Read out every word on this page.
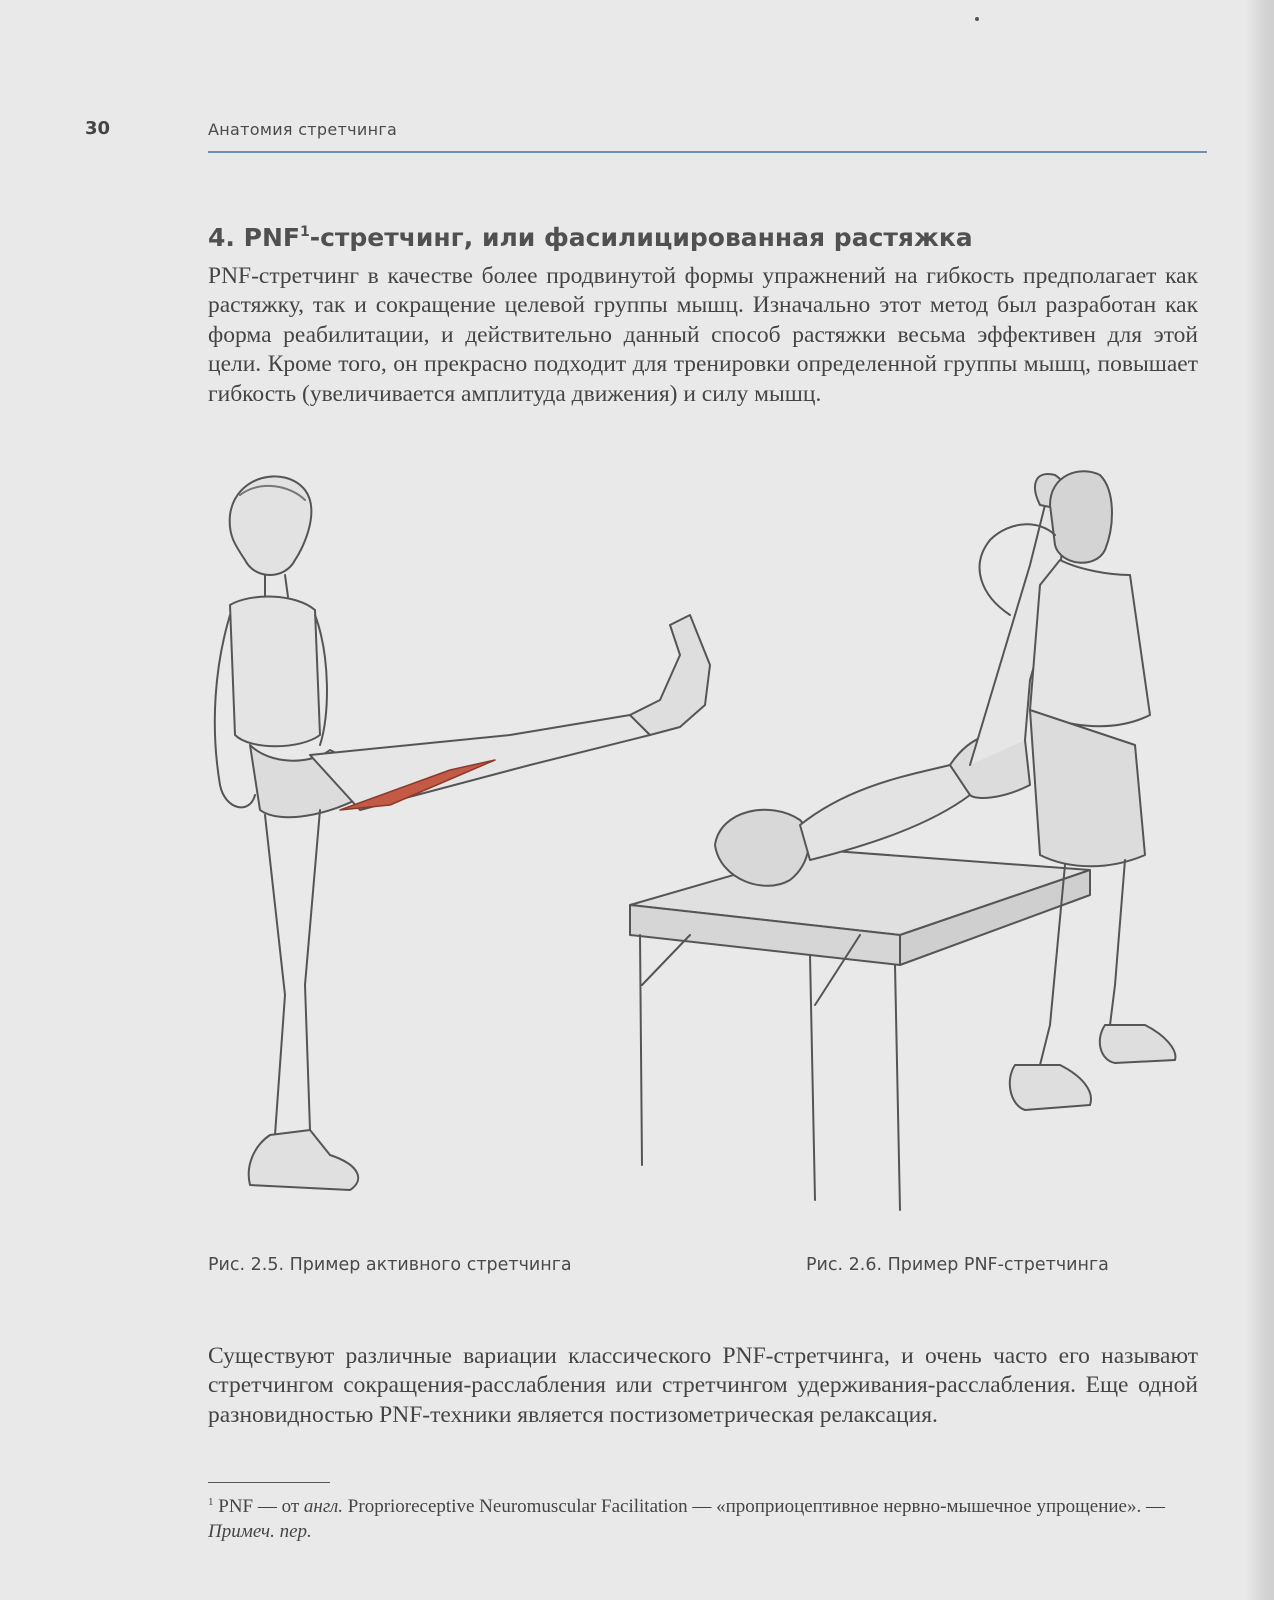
30	Анатомия стретчинга
4. PNF$^1$-стретчинг, или фасилицированная растяжка

PNF-стретчинг в качестве более продвинутой формы упражнений на гибкость предполагает как растяжку, так и сокращение целевой группы мышц. Изначально этот метод был разработан как форма реабилитации, и действительно данный способ растяжки весьма эффективен для этой цели. Кроме того, он прекрасно подходит для тренировки определенной группы мышц, повышает гибкость (увеличивается амплитуда движения) и силу мышц.

Рис. 2.5. Пример активного стретчинга	Рис. 2.6. Пример PNF-стретчинга

Существуют различные вариации классического PNF-стретчинга, и очень часто его называют стретчингом сокращения-расслабления или стретчингом удерживания-расслабления. Еще одной разновидностью PNF-техники является постизометрическая релаксация.

$^1$ PNF — от англ. Proprioreceptive Neuromuscular Facilitation — «проприоцептивное нервно-мышечное упрощение». — Примеч. пер.
